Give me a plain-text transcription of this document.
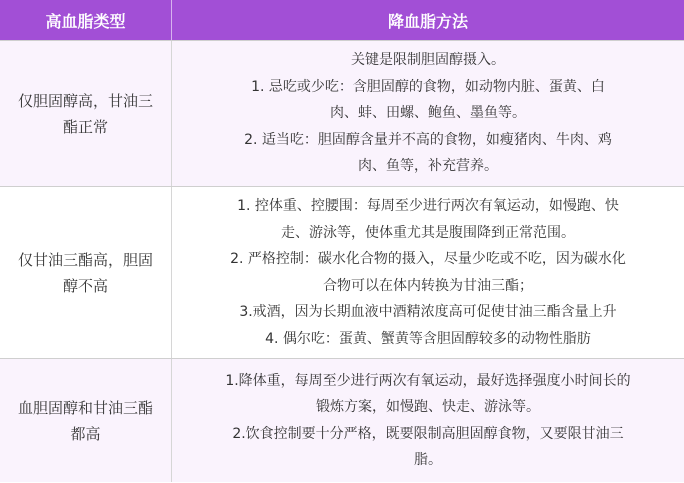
高血脂类型	降血脂方法
仅胆固醇高，甘油三酯正常
关键是限制胆固醇摄入。
1. 忌吃或少吃：含胆固醇的食物，如动物内脏、蛋黄、白
肉、蚌、田螺、鲍鱼、墨鱼等。
2. 适当吃：胆固醇含量并不高的食物，如瘦猪肉、牛肉、鸡
肉、鱼等，补充营养。
仅甘油三酯高，胆固醇不高
1. 控体重、控腰围：每周至少进行两次有氧运动，如慢跑、快
走、游泳等，使体重尤其是腹围降到正常范围。
2. 严格控制：碳水化合物的摄入，尽量少吃或不吃，因为碳水化
合物可以在体内转换为甘油三酯；
3.戒酒，因为长期血液中酒精浓度高可促使甘油三酯含量上升
4. 偶尔吃：蛋黄、蟹黄等含胆固醇较多的动物性脂肪
血胆固醇和甘油三酯都高
1.降体重，每周至少进行两次有氧运动，最好选择强度小时间长的
锻炼方案，如慢跑、快走、游泳等。
2.饮食控制要十分严格，既要限制高胆固醇食物，又要限甘油三
脂。
